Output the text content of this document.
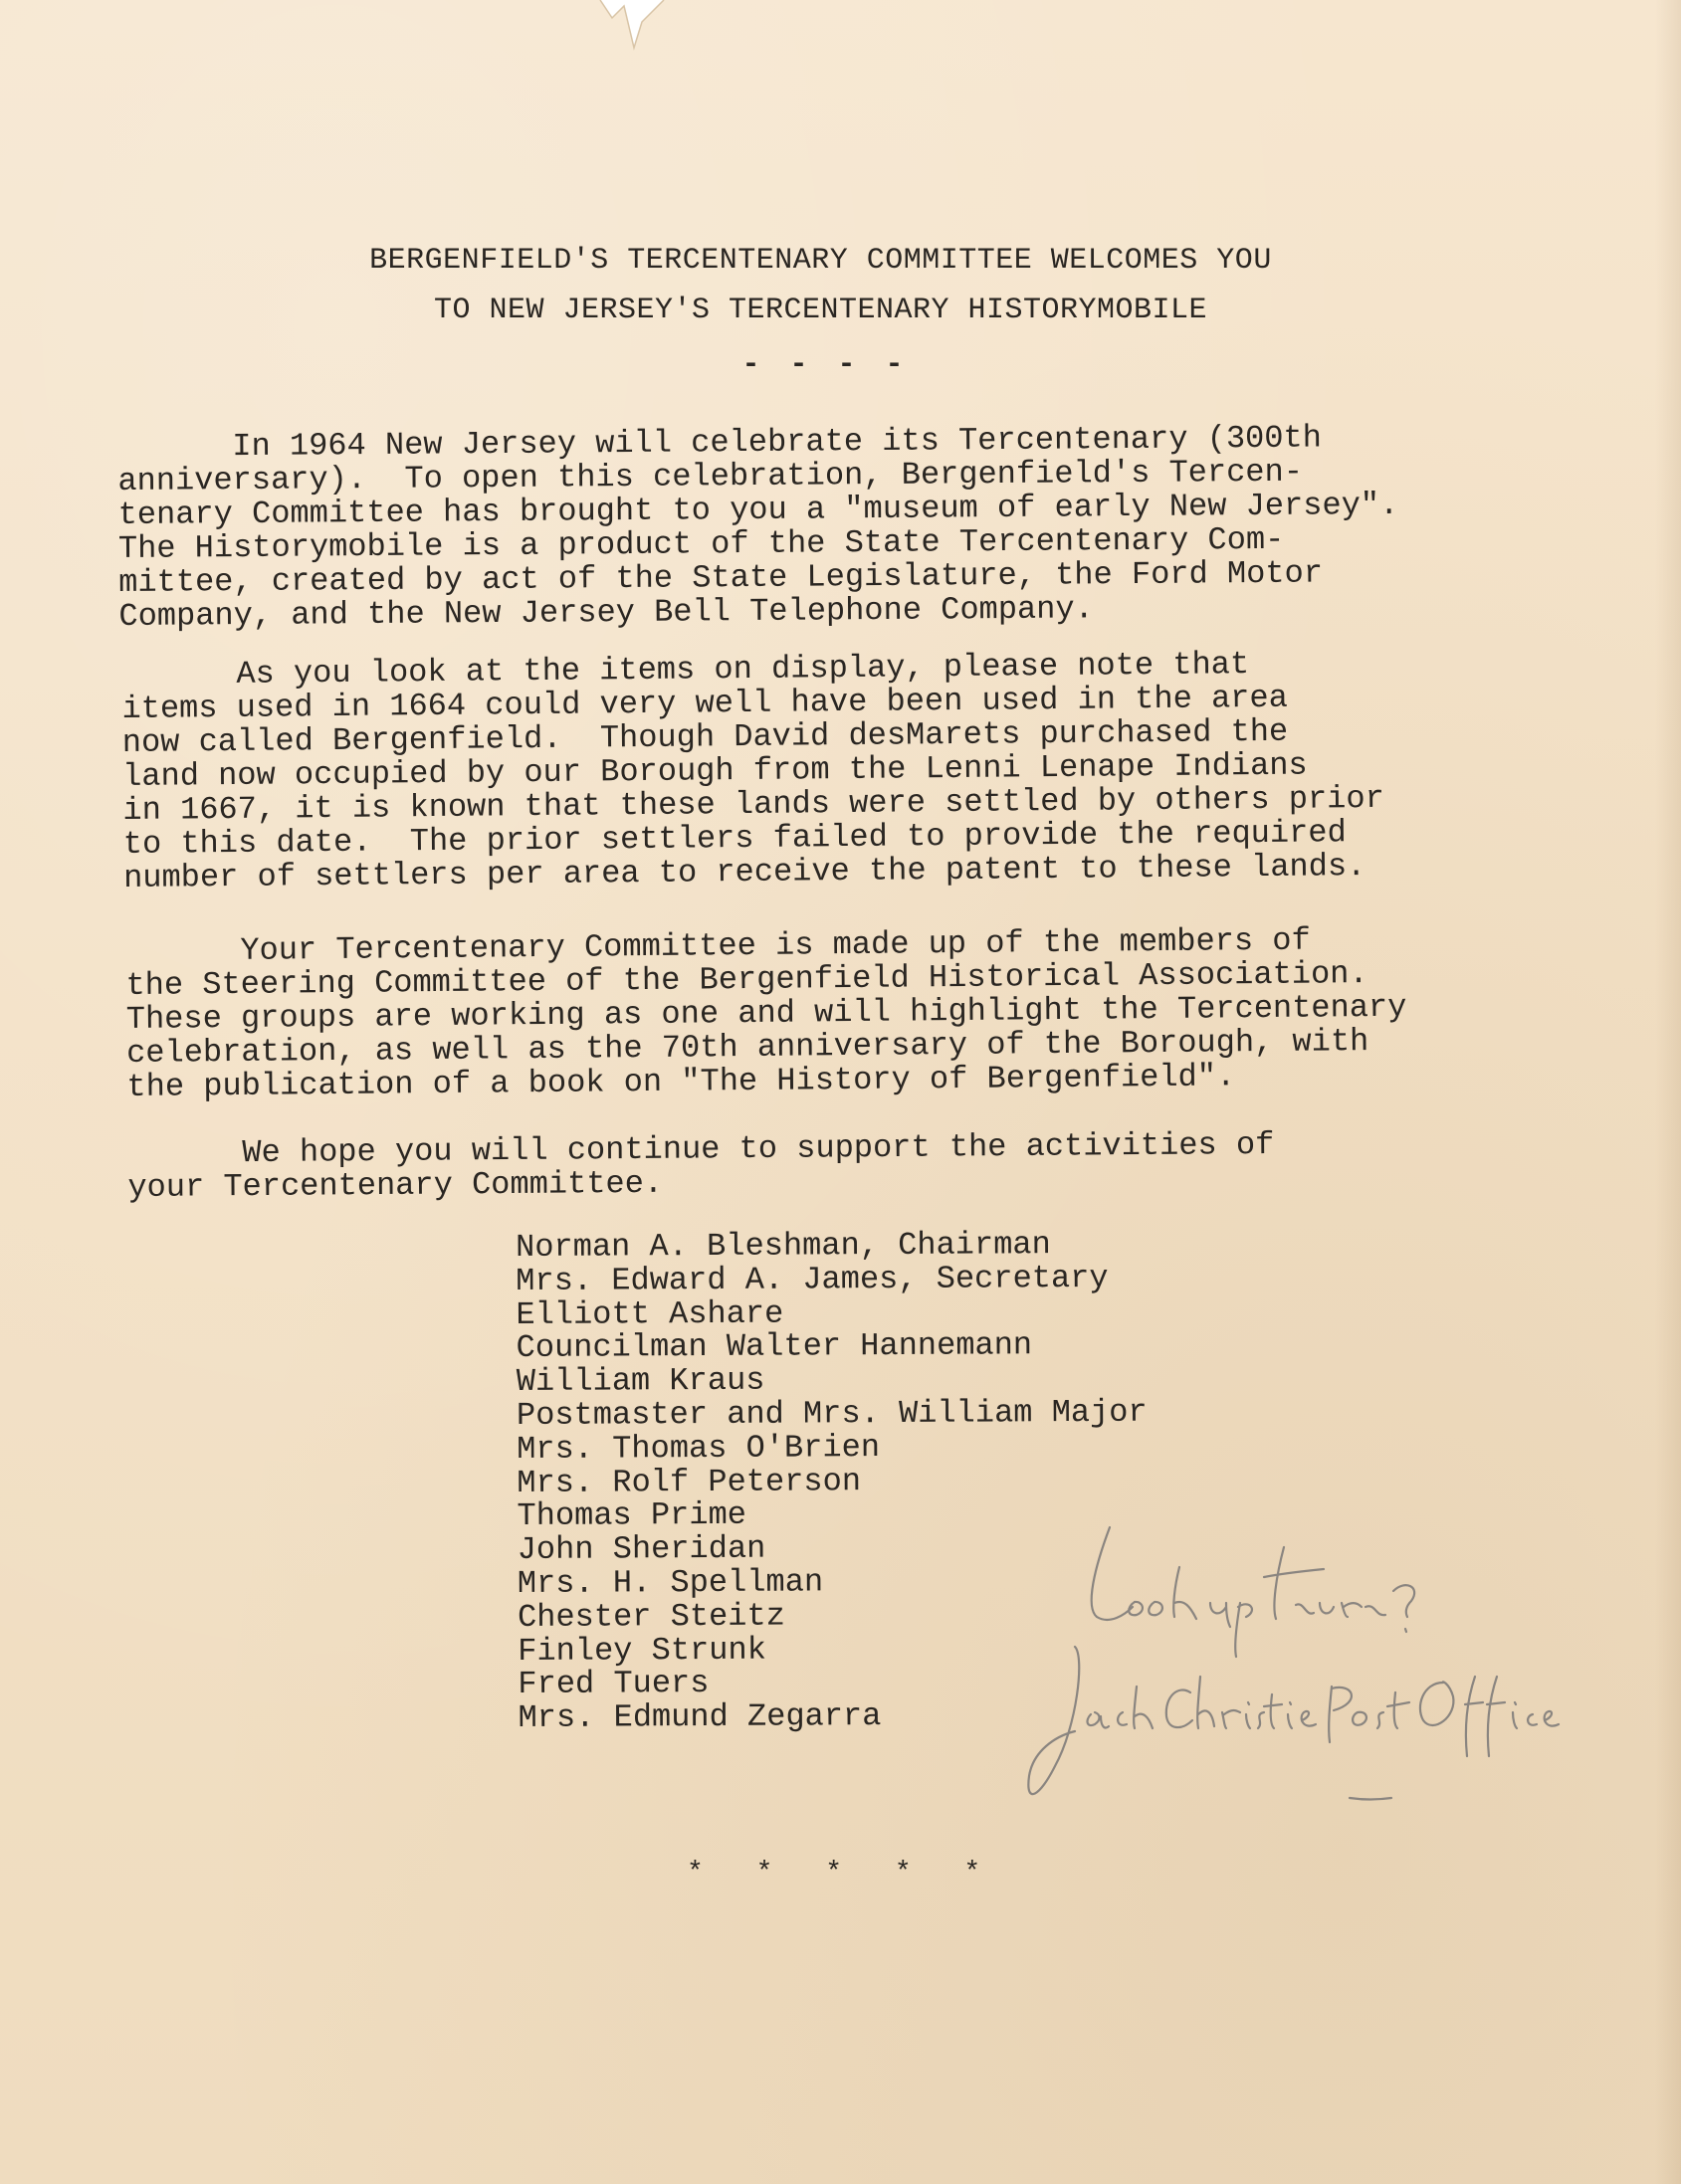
BERGENFIELD'S TERCENTENARY COMMITTEE WELCOMES YOU
TO NEW JERSEY'S TERCENTENARY HISTORYMOBILE
- - - -

In 1964 New Jersey will celebrate its Tercentenary (300th
anniversary).  To open this celebration, Bergenfield's Tercen-
tenary Committee has brought to you a "museum of early New Jersey".
The Historymobile is a product of the State Tercentenary Com-
mittee, created by act of the State Legislature, the Ford Motor
Company, and the New Jersey Bell Telephone Company.

As you look at the items on display, please note that
items used in 1664 could very well have been used in the area
now called Bergenfield.  Though David desMarets purchased the
land now occupied by our Borough from the Lenni Lenape Indians
in 1667, it is known that these lands were settled by others prior
to this date.  The prior settlers failed to provide the required
number of settlers per area to receive the patent to these lands.

Your Tercentenary Committee is made up of the members of
the Steering Committee of the Bergenfield Historical Association.
These groups are working as one and will highlight the Tercentenary
celebration, as well as the 70th anniversary of the Borough, with
the publication of a book on "The History of Bergenfield".

We hope you will continue to support the activities of
your Tercentenary Committee.

Norman A. Bleshman, Chairman
Mrs. Edward A. James, Secretary
Elliott Ashare
Councilman Walter Hannemann
William Kraus
Postmaster and Mrs. William Major
Mrs. Thomas O'Brien
Mrs. Rolf Peterson
Thomas Prime
John Sheridan
Mrs. H. Spellman
Chester Steitz
Finley Strunk
Fred Tuers
Mrs. Edmund Zegarra
* * * * *
